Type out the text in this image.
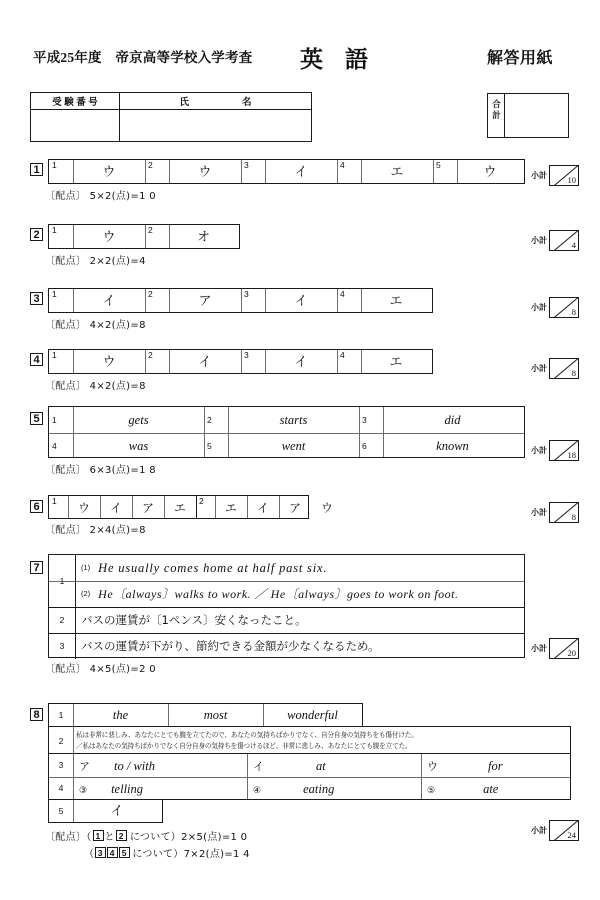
平成25年度　帝京高等学校入学考査 英語	解答用紙
受験番号	氏	名	合
計
1	1	ウ	2	ウ	3	イ	4	エ	5	ウ
〔配点〕 5×2(点)=1 0
小計 10
2	1	ウ	2	オ
〔配点〕 2×2(点)=4
小計	4
3	1	イ	2	ア	3	イ	4	エ
〔配点〕 4×2(点)=8
小計	8
4	1	ウ	2	イ	3	イ	4	エ
〔配点〕 4×2(点)=8
小計	8
5	1	gets	2	starts	3	did
4	was	5	went	6	known
〔配点〕 6×3(点)=1 8
小計 18
6	1	ウ	イ	ア	エ	2	エ	イ	ア	ウ
〔配点〕 2×4(点)=8
小計	8
7
1
(1) He usually comes home at half past six.
(2) He〔always〕walks to work. ／ He〔always〕goes to work on foot.
2	バスの運賃が〔1ペンス〕安くなったこと。
3	バスの運賃が下がり、節約できる金額が少なくなるため。
〔配点〕 4×5(点)=2 0
小計 20
8	1	the	most	wonderful
2
私は非常に悲しみ、あなたにとても腹を立てたので、あなたの気持ちばかりでなく、自分自身の気持ちをも傷付けた。
／私はあなたの気持ちばかりでなく自分自身の気持ちを傷つけるほど、非常に悲しみ、あなたにとても腹を立てた。
3	ア to / with	イ	at	ウ	for
4	③ telling	④	eating	⑤	ate
5	イ
〔配点〕（ 1 と 2 について）2×5(点)=1 0
（ 3 4 5 について）7×2(点)=1 4
小計 24
